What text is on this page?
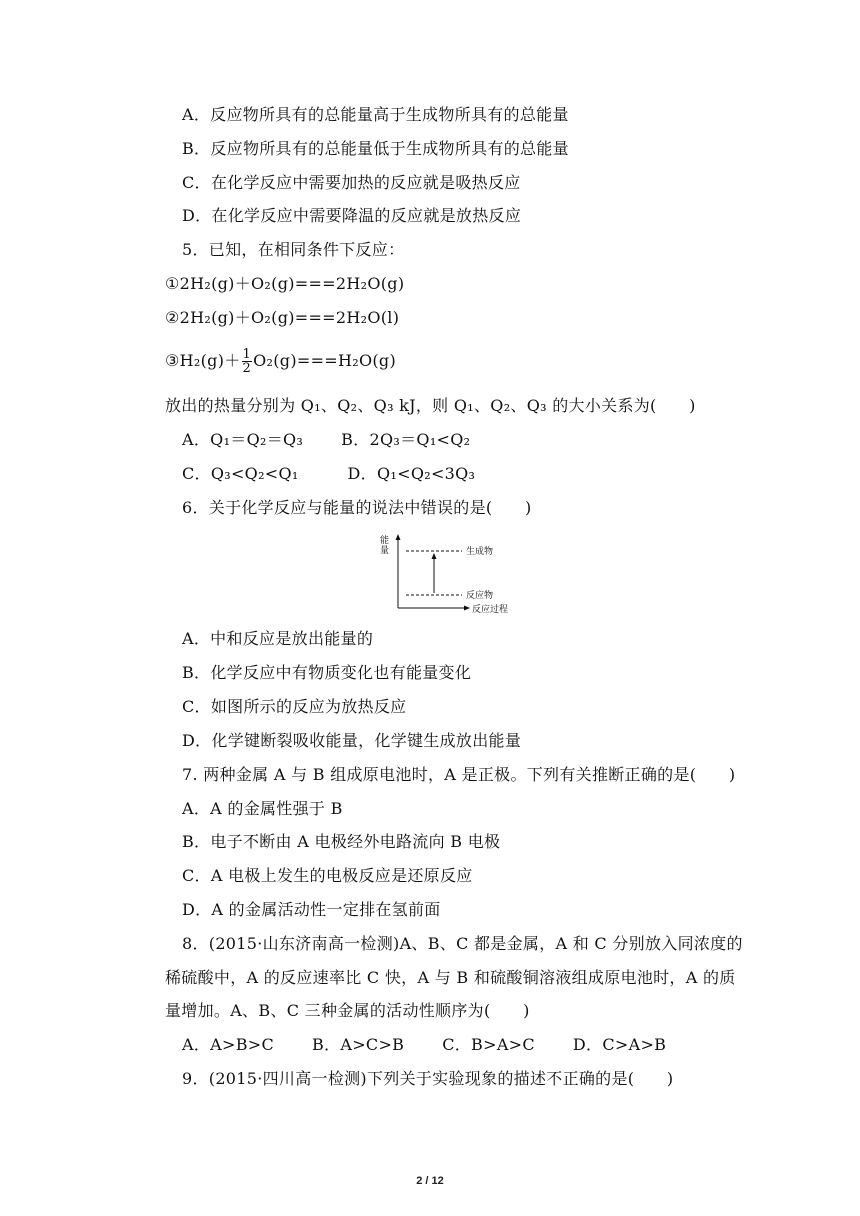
A．反应物所具有的总能量高于生成物所具有的总能量
B．反应物所具有的总能量低于生成物所具有的总能量
C．在化学反应中需要加热的反应就是吸热反应
D．在化学反应中需要降温的反应就是放热反应
5．已知，在相同条件下反应：
①2H₂(g)＋O₂(g)===2H₂O(g)
②2H₂(g)＋O₂(g)===2H₂O(l)
③H₂(g)＋ $\frac{1}{2} O_2(g)===H_2O(g)$
放出的热量分别为 Q₁、Q₂、Q₃ kJ，则 Q₁、Q₂、Q₃ 的大小关系为(　　)
A．Q₁＝Q₂＝Q₃　　 B．2Q₃＝Q₁<Q₂
C．Q₃<Q₂<Q₁　　　D．Q₁<Q₂<3Q₃
6．关于化学反应与能量的说法中错误的是(　　)
能量	生成物
反应物
反应过程
A．中和反应是放出能量的
B．化学反应中有物质变化也有能量变化
C．如图所示的反应为放热反应
D．化学键断裂吸收能量，化学键生成放出能量
7. 两种金属 A 与 B 组成原电池时，A 是正极。下列有关推断正确的是(　　)
A．A 的金属性强于 B
B．电子不断由 A 电极经外电路流向 B 电极
C．A 电极上发生的电极反应是还原反应
D．A 的金属活动性一定排在氢前面
8．(2015·山东济南高一检测)A、B、C 都是金属，A 和 C 分别放入同浓度的
稀硫酸中，A 的反应速率比 C 快，A 与 B 和硫酸铜溶液组成原电池时，A 的质
量增加。A、B、C 三种金属的活动性顺序为(　　)
A．A>B>C　　 B．A>C>B　　 C．B>A>C　　 D．C>A>B
9．(2015·四川高一检测)下列关于实验现象的描述不正确的是(　　)
2 / 12
